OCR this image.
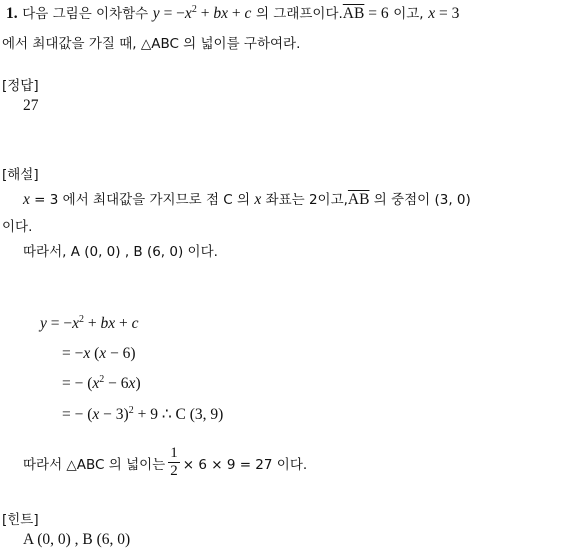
1. 다음 그림은 이차함수 $y = -x^2$ + bx + c 의 그래프이다$.\overline{AB} = 6$ 이고, x = 3
에서 최대값을 가질 때, △ABC 의 넓이를 구하여라.
[정답]
27
[해설]
x = 3 에서 최대값을 가지므로 점 C 의 x 좌표는 2이고$,\overline{AB}$ 의 중점이 (3, 0)
이다.
따라서, A (0, 0) , B (6, 0) 이다.
$y = -x^2$ + bx + c
= −x (x − 6)
= − $(x^2 - 6x)$
= − $(x - 3)^2 + 9$ ∴ C (3, 9)
따라서 △ABC 의 넓이는 $\frac{1}{2} \times 6 \times 9 = 27$ 이다.
[힌트]
A (0, 0) , B (6, 0)
